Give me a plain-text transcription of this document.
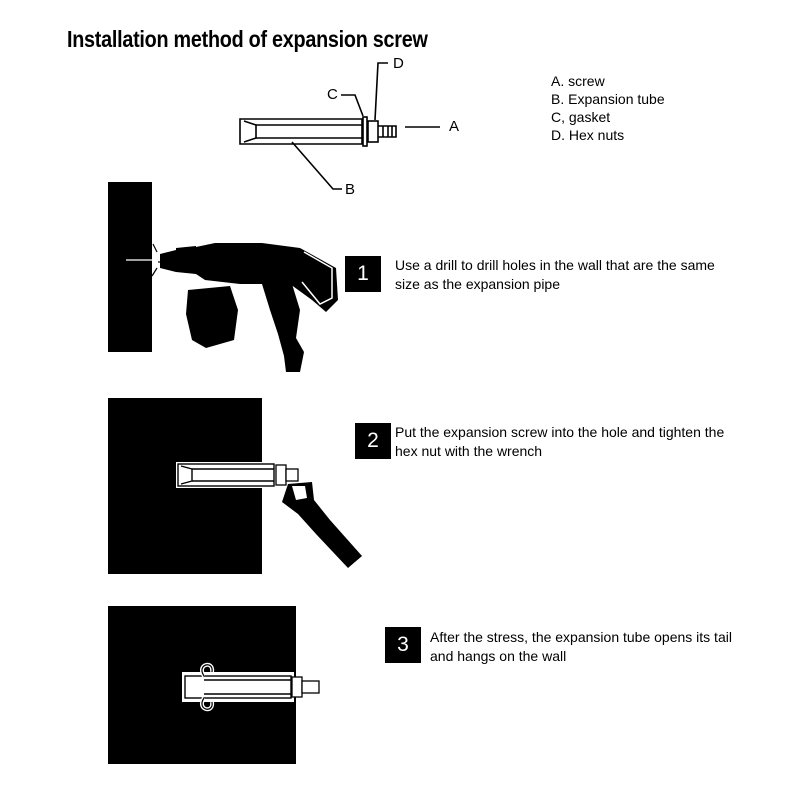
Installation method of expansion screw
D
C
A
B
A. screw
B. Expansion tube
C, gasket
D. Hex nuts
1	Use a drill to drill holes in the wall that are the same size as the expansion pipe
2	Put the expansion screw into the hole and tighten the hex nut with the wrench
3	After the stress, the expansion tube opens its tail and hangs on the wall
